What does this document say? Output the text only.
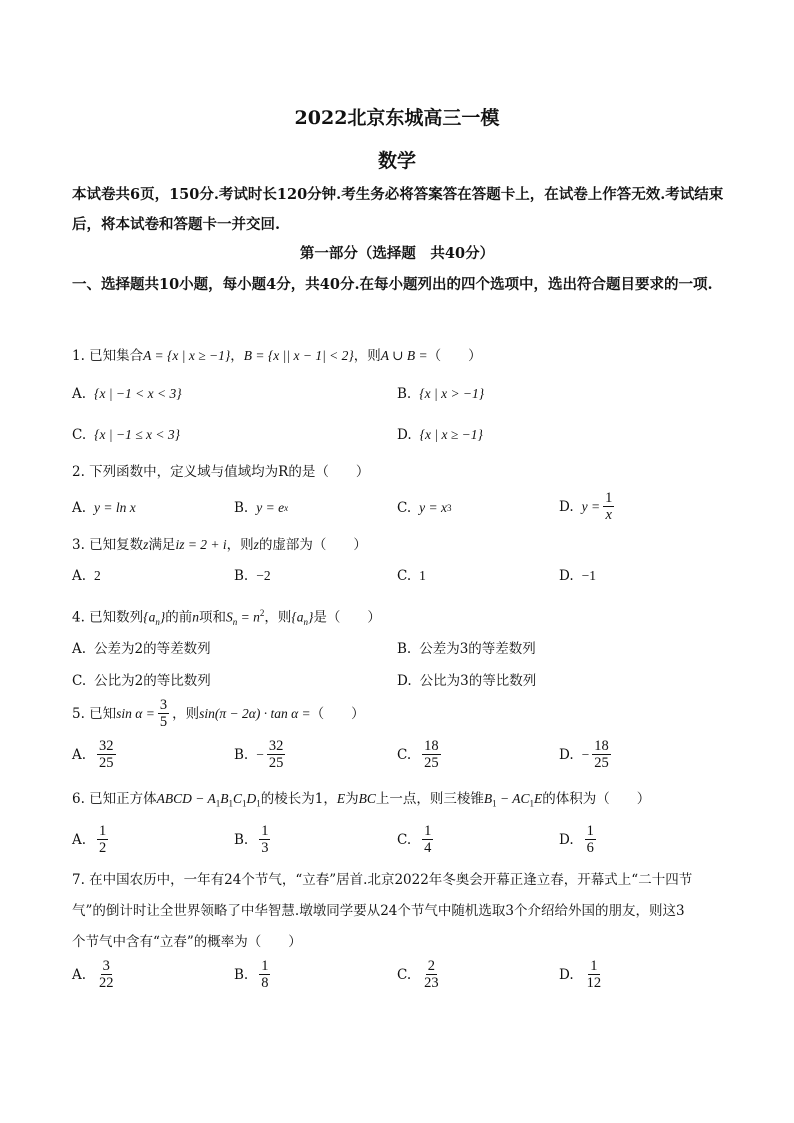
2022北京东城高三一模
数学
本试卷共6页，150分.考试时长120分钟.考生务必将答案答在答题卡上，在试卷上作答无效.考试结束后，将本试卷和答题卡一并交回.
第一部分（选择题　共40分）
一、选择题共10小题，每小题4分，共40分.在每小题列出的四个选项中，选出符合题目要求的一项.
1. 已知集合A = {x | x ≥ −1}，B = {x || x − 1| < 2}，则A ∪ B =（　　）
A. {x | −1 < x < 3}	B. {x | x > −1}
C. {x | −1 ≤ x < 3}	D. {x | x ≥ −1}
2. 下列函数中，定义域与值域均为R的是（　　）
A. y = ln x	B. y = e x	C. y = x 3	D. $y = \frac{1}{x}$
3. 已知复数z满足iz = 2 + i，则z的虚部为（　　）
A. 2	B. −2	C. 1	D. −1
4. 已知数列$\{a_n\}$的前n项和$S_n = n^2$，则$\{a_n\}$是（　　）
A. 公差为2的等差数列	B. 公差为3的等差数列
C. 公比为2的等比数列	D. 公比为3的等比数列
5. 已知 $\sin \alpha = \frac{3}{5}$ ，则 sin(π − 2α) · tan α = （　　）
A. $\frac{32}{25}$	B. − $\frac{32}{25}$	C. $\frac{18}{25}$	D. − $\frac{18}{25}$
6. 已知正方体ABCD − $A_1B_1C_1D_1$的棱长为1，E为BC上一点，则三棱锥$B_1 - AC_1E$的体积为（　　）
A. $\frac{1}{2}$	B. $\frac{1}{3}$	C. $\frac{1}{4}$	D. $\frac{1}{6}$
7. 在中国农历中，一年有24个节气，“立春”居首.北京2022年冬奥会开幕正逢立春，开幕式上“二十四节
气”的倒计时让全世界领略了中华智慧.墩墩同学要从24个节气中随机选取3个介绍给外国的朋友，则这3
个节气中含有“立春”的概率为（　　）
A. $\frac{3}{22}$	B. $\frac{1}{8}$	C. $\frac{2}{23}$	D. $\frac{1}{12}$
